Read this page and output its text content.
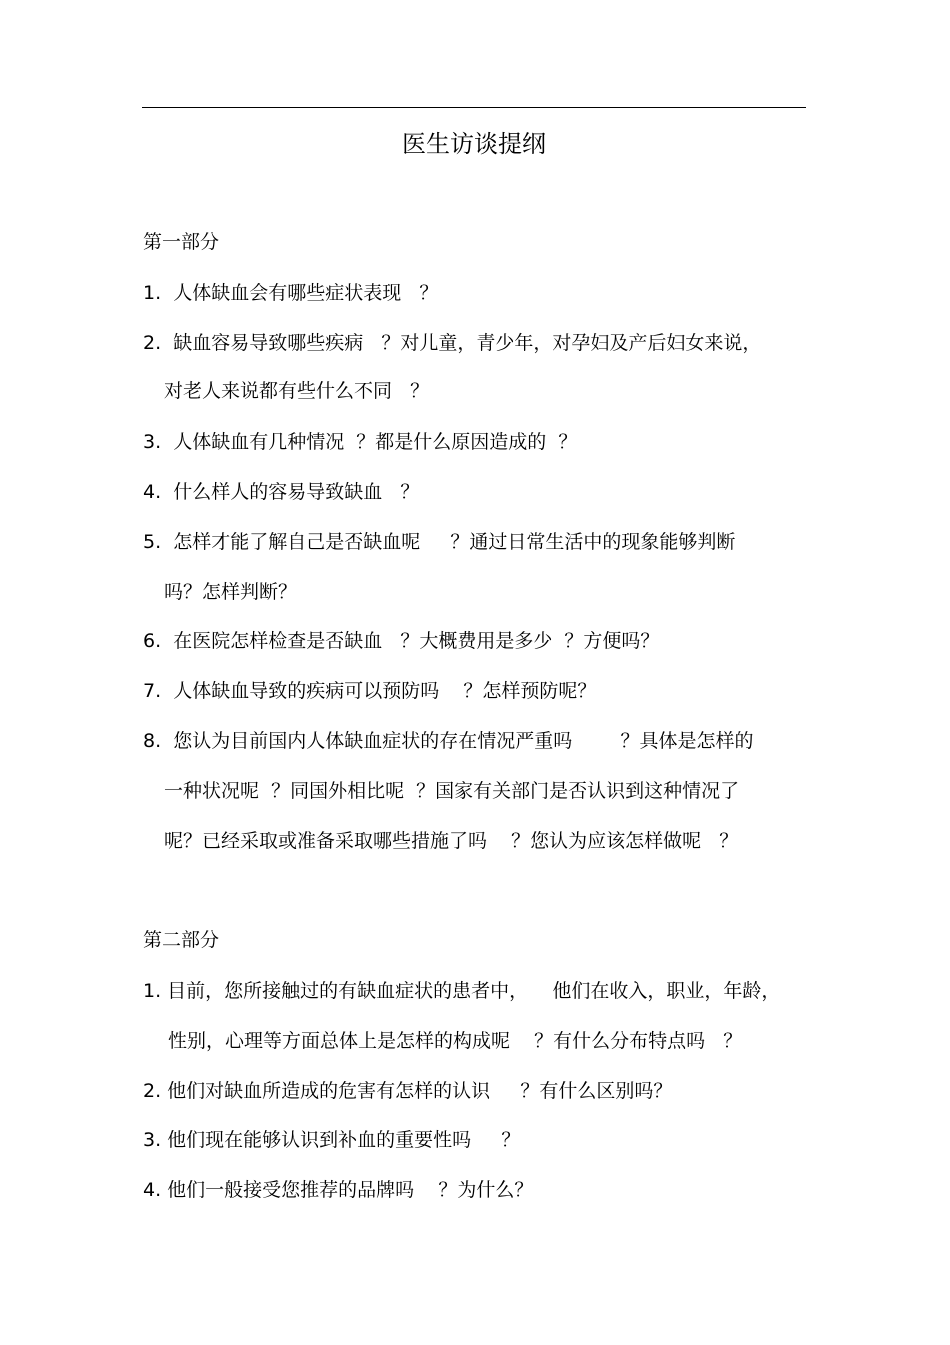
医生访谈提纲
第一部分
1.  人体缺血会有哪些症状表现   ？
2.  缺血容易导致哪些疾病   ？对儿童，青少年，对孕妇及产后妇女来说，
对老人来说都有些什么不同   ？
3.  人体缺血有几种情况  ？都是什么原因造成的  ？
4.  什么样人的容易导致缺血   ？
5.  怎样才能了解自己是否缺血呢     ？通过日常生活中的现象能够判断
吗？怎样判断？
6.  在医院怎样检查是否缺血   ？大概费用是多少  ？方便吗？
7.  人体缺血导致的疾病可以预防吗    ？怎样预防呢？
8.  您认为目前国内人体缺血症状的存在情况严重吗        ？具体是怎样的
一种状况呢  ？同国外相比呢  ？国家有关部门是否认识到这种情况了
呢？已经采取或准备采取哪些措施了吗    ？您认为应该怎样做呢   ？
第二部分
1. 目前，您所接触过的有缺血症状的患者中，    他们在收入，职业，年龄，
性别，心理等方面总体上是怎样的构成呢    ？有什么分布特点吗   ？
2. 他们对缺血所造成的危害有怎样的认识     ？有什么区别吗？
3. 他们现在能够认识到补血的重要性吗     ？
4. 他们一般接受您推荐的品牌吗    ？为什么？
